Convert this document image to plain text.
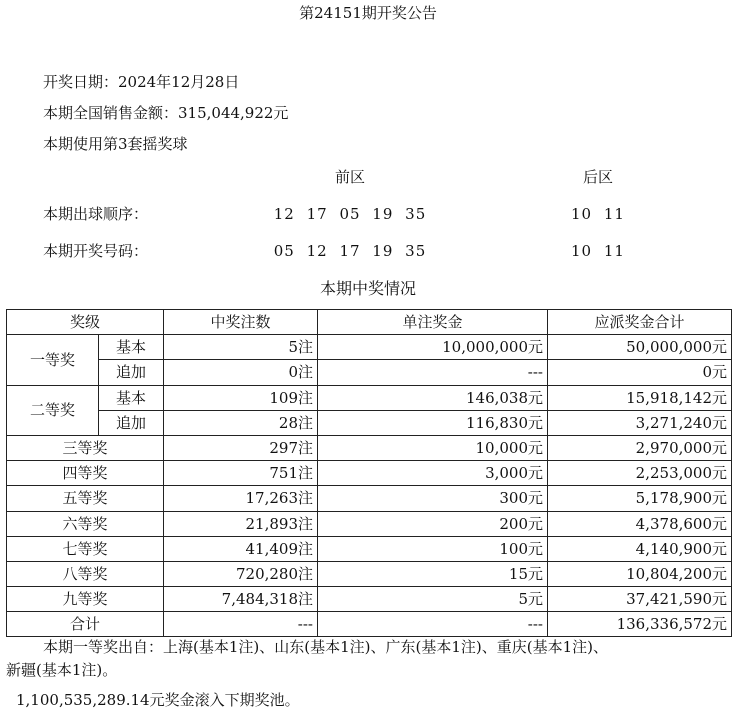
第24151期开奖公告
开奖日期：2024年12月28日
本期全国销售金额：315,044,922元
本期使用第3套摇奖球
前区	后区
本期出球顺序：	12 17 05 19 35	10 11
本期开奖号码：	05 12 17 19 35	10 11
本期中奖情况
奖级		中奖注数	单注奖金	应派奖金合计
一等奖	基本	5注	10,000,000元	50,000,000元
	追加	0注	---	0元
二等奖	基本	109注	146,038元	15,918,142元
	追加	28注	116,830元	3,271,240元
三等奖		297注	10,000元	2,970,000元
四等奖		751注	3,000元	2,253,000元
五等奖		17,263注	300元	5,178,900元
六等奖		21,893注	200元	4,378,600元
七等奖		41,409注	100元	4,140,900元
八等奖		720,280注	15元	10,804,200元
九等奖		7,484,318注	5元	37,421,590元
合计		---	---	136,336,572元
本期一等奖出自：上海(基本1注)、山东(基本1注)、广东(基本1注)、重庆(基本1注)、
新疆(基本1注)。
1,100,535,289.14元奖金滚入下期奖池。
